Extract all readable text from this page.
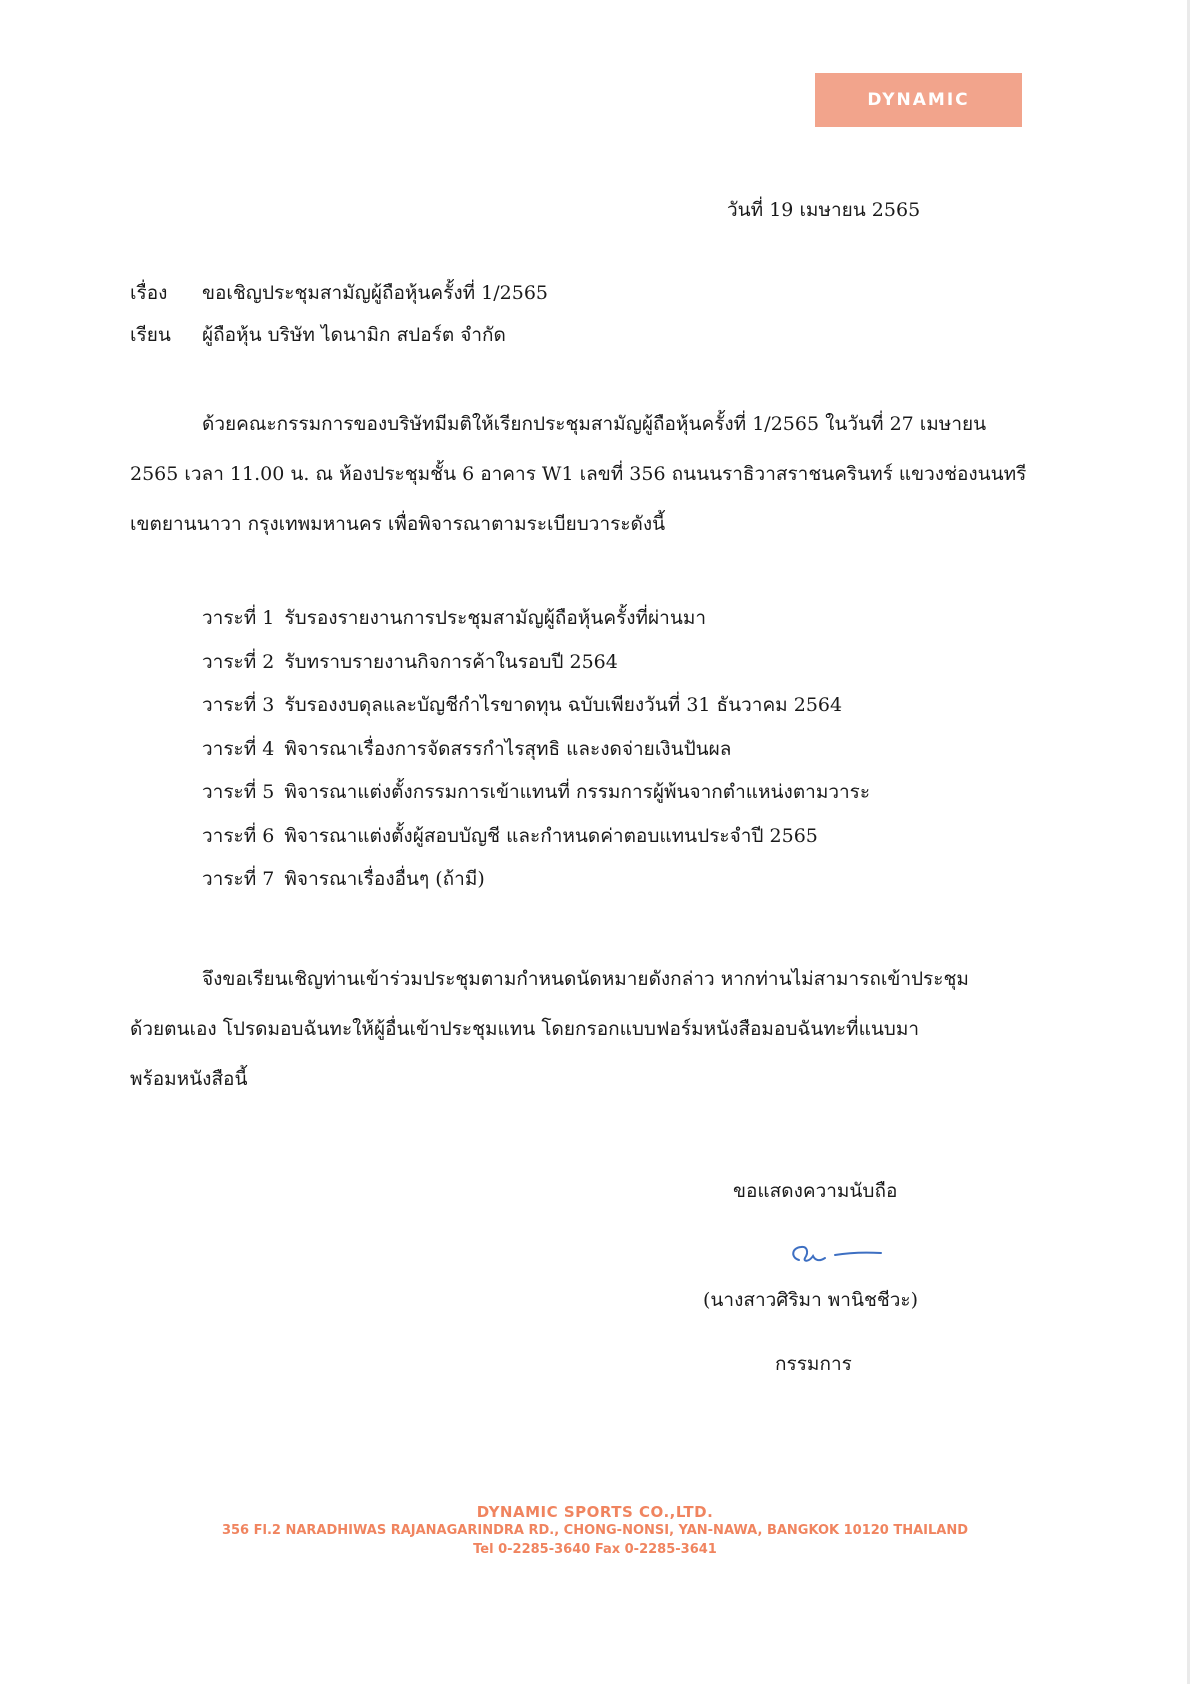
DYNAMIC
วันที่ 19 เมษายน 2565
เรื่อง ขอเชิญประชุมสามัญผู้ถือหุ้นครั้งที่ 1/2565
เรียน ผู้ถือหุ้น บริษัท ไดนามิก สปอร์ต จำกัด
ด้วยคณะกรรมการของบริษัทมีมติให้เรียกประชุมสามัญผู้ถือหุ้นครั้งที่ 1/2565 ในวันที่ 27 เมษายน
2565 เวลา 11.00 น. ณ ห้องประชุมชั้น 6 อาคาร W1 เลขที่ 356 ถนนนราธิวาสราชนครินทร์ แขวงช่องนนทรี
เขตยานนาวา กรุงเทพมหานคร เพื่อพิจารณาตามระเบียบวาระดังนี้
วาระที่ 1 รับรองรายงานการประชุมสามัญผู้ถือหุ้นครั้งที่ผ่านมา
วาระที่ 2 รับทราบรายงานกิจการค้าในรอบปี 2564
วาระที่ 3 รับรองงบดุลและบัญชีกำไรขาดทุน ฉบับเพียงวันที่ 31 ธันวาคม 2564
วาระที่ 4 พิจารณาเรื่องการจัดสรรกำไรสุทธิ และงดจ่ายเงินปันผล
วาระที่ 5 พิจารณาแต่งตั้งกรรมการเข้าแทนที่ กรรมการผู้พ้นจากตำแหน่งตามวาระ
วาระที่ 6 พิจารณาแต่งตั้งผู้สอบบัญชี และกำหนดค่าตอบแทนประจำปี 2565
วาระที่ 7 พิจารณาเรื่องอื่นๆ (ถ้ามี)
จึงขอเรียนเชิญท่านเข้าร่วมประชุมตามกำหนดนัดหมายดังกล่าว หากท่านไม่สามารถเข้าประชุม
ด้วยตนเอง โปรดมอบฉันทะให้ผู้อื่นเข้าประชุมแทน โดยกรอกแบบฟอร์มหนังสือมอบฉันทะที่แนบมา
พร้อมหนังสือนี้
ขอแสดงความนับถือ
(นางสาวศิริมา พานิชชีวะ)
กรรมการ
DYNAMIC SPORTS CO.,LTD.
356 Fl.2 NARADHIWAS RAJANAGARINDRA RD., CHONG-NONSI, YAN-NAWA, BANGKOK 10120 THAILAND
Tel 0-2285-3640 Fax 0-2285-3641
